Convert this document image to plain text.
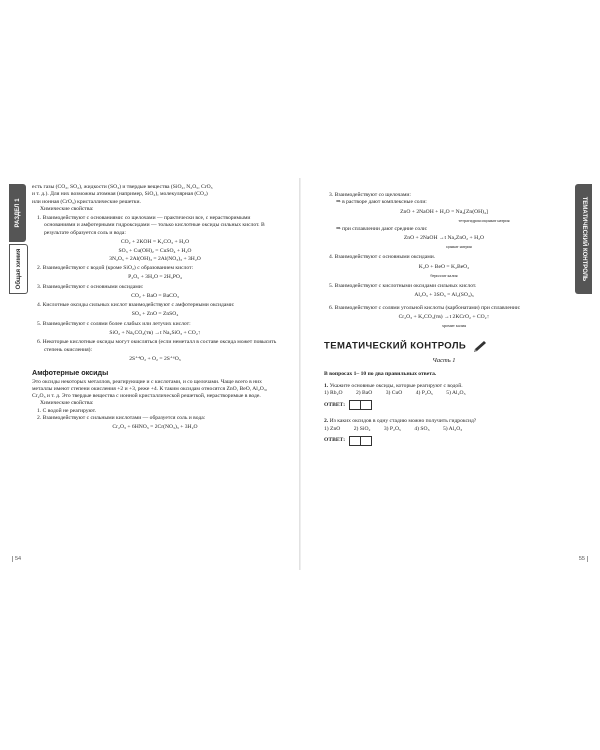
РАЗДЕЛ 1
Общая химия

есть газы (CO₂, SO₂), жидкости (SO₃) и твердые вещества (SiO₂, N₂O₅, CrO₃

и т. д.). Для них возможны атомная (например, SiO₂), молекулярная (CO₂)

или ионная (CrO₃) кристаллические решетки.

Химические свойства:

1. Взаимодействуют с основаниями: со щелочами — практически все, с нерастворимыми основаниями и амфотерными гидроксидами — только кислотные оксиды сильных кислот. В результате образуется соль и вода:

CO₂ + 2KOH = K₂CO₃ + H₂O

SO₃ + Cu(OH)₂ = CuSO₄ + H₂O

3N₂O₅ + 2Al(OH)₃ = 2Al(NO₃)₃ + 3H₂O

2. Взаимодействуют с водой (кроме SiO₂) с образованием кислот:

P₂O₅ + 3H₂O = 2H₃PO₄

3. Взаимодействуют с основными оксидами:

CO₂ + BaO = BaCO₃

4. Кислотные оксиды сильных кислот взаимодействуют с амфотерными оксидами:

SO₃ + ZnO = ZnSO₄

5. Взаимодействуют с солями более слабых или летучих кислот:

SiO₂ + Na₂CO₃(тв) →t Na₂SiO₃ + CO₂↑

6. Некоторые кислотные оксиды могут окисляться (если неметалл в составе оксида может повысить степень окисления):

2S⁺⁴O₂ + O₂ = 2S⁺⁶O₃

Амфотерные оксиды

Это оксиды некоторых металлов, реагирующие и с кислотами, и со щелочами. Чаще всего в них металлы имеют степени окисления +2 и +3, реже +4. К таким оксидам относятся ZnO, BeO, Al₂O₃, Cr₂O₃ и т. д. Это твердые вещества с ионной кристаллической решеткой, нерастворимые в воде.

Химические свойства:

1. С водой не реагируют.

2. Взаимодействуют с сильными кислотами — образуется соль и вода:

Cr₂O₃ + 6HNO₃ = 2Cr(NO₃)₃ + 3H₂O

54
ТЕМАТИЧЕСКИЙ КОНТРОЛЬ

3. Взаимодействуют со щелочами:

⇒ в растворе дают комплексные соли:

ZnO + 2NaOH + H₂O = Na₂[Zn(OH)₄]

тетрагидроксоцинкат натрия

⇒ при сплавлении дают средние соли:

ZnO + 2NaOH →t Na₂ZnO₂ + H₂O

цинкат натрия

4. Взаимодействуют с основными оксидами.

K₂O + BeO = K₂BeO₂

бериллат калия

5. Взаимодействуют с кислотными оксидами сильных кислот.

Al₂O₃ + 3SO₃ = Al₂(SO₄)₃

6. Взаимодействуют с солями угольной кислоты (карбонатами) при сплавлении:

Cr₂O₃ + K₂CO₃(тв) →t 2KCrO₂ + CO₂↑

хромит калия

ТЕМАТИЧЕСКИЙ КОНТРОЛЬ

Часть 1

В вопросах 1– 10 по два правильных ответа.

1. Укажите основные оксиды, которые реагируют с водой.

1) Rb₂O 2) BaO 3) CuO 4) P₂O₅ 5) Al₂O₃

ОТВЕТ:

2. Из каких оксидов в одну стадию можно получить гидроксид?

1) ZnO 2) SiO₂ 3) P₂O₅ 4) SO₃ 5) Al₂O₃

ОТВЕТ:

55
